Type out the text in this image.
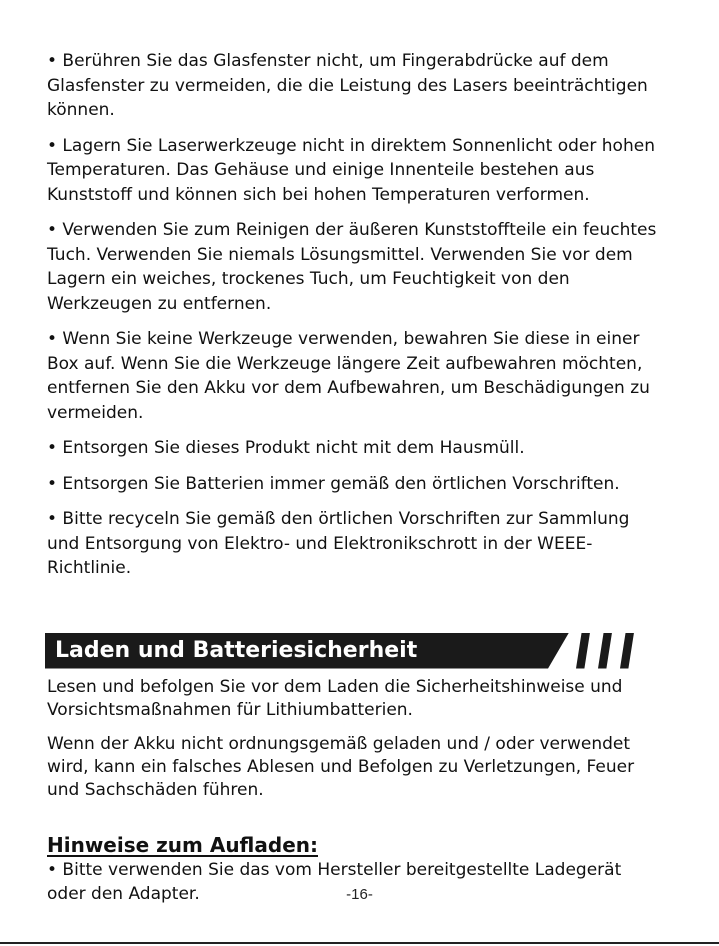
• Berühren Sie das Glasfenster nicht, um Fingerabdrücke auf dem Glasfenster zu vermeiden, die die Leistung des Lasers beeinträchtigen können.

• Lagern Sie Laserwerkzeuge nicht in direktem Sonnenlicht oder hohen Temperaturen. Das Gehäuse und einige Innenteile bestehen aus Kunststoff und können sich bei hohen Temperaturen verformen.

• Verwenden Sie zum Reinigen der äußeren Kunststoffteile ein feuchtes Tuch. Verwenden Sie niemals Lösungsmittel. Verwenden Sie vor dem Lagern ein weiches, trockenes Tuch, um Feuchtigkeit von den Werkzeugen zu entfernen.

• Wenn Sie keine Werkzeuge verwenden, bewahren Sie diese in einer Box auf. Wenn Sie die Werkzeuge längere Zeit aufbewahren möchten, entfernen Sie den Akku vor dem Aufbewahren, um Beschädigungen zu vermeiden.

• Entsorgen Sie dieses Produkt nicht mit dem Hausmüll.

• Entsorgen Sie Batterien immer gemäß den örtlichen Vorschriften.

• Bitte recyceln Sie gemäß den örtlichen Vorschriften zur Sammlung und Entsorgung von Elektro- und Elektronikschrott in der WEEE-Richtlinie.

Laden und Batteriesicherheit

Lesen und befolgen Sie vor dem Laden die Sicherheitshinweise und Vorsichtsmaßnahmen für Lithiumbatterien.

Wenn der Akku nicht ordnungsgemäß geladen und / oder verwendet wird, kann ein falsches Ablesen und Befolgen zu Verletzungen, Feuer und Sachschäden führen.

Hinweise zum Aufladen:

• Bitte verwenden Sie das vom Hersteller bereitgestellte Ladegerät oder den Adapter.	-16-
